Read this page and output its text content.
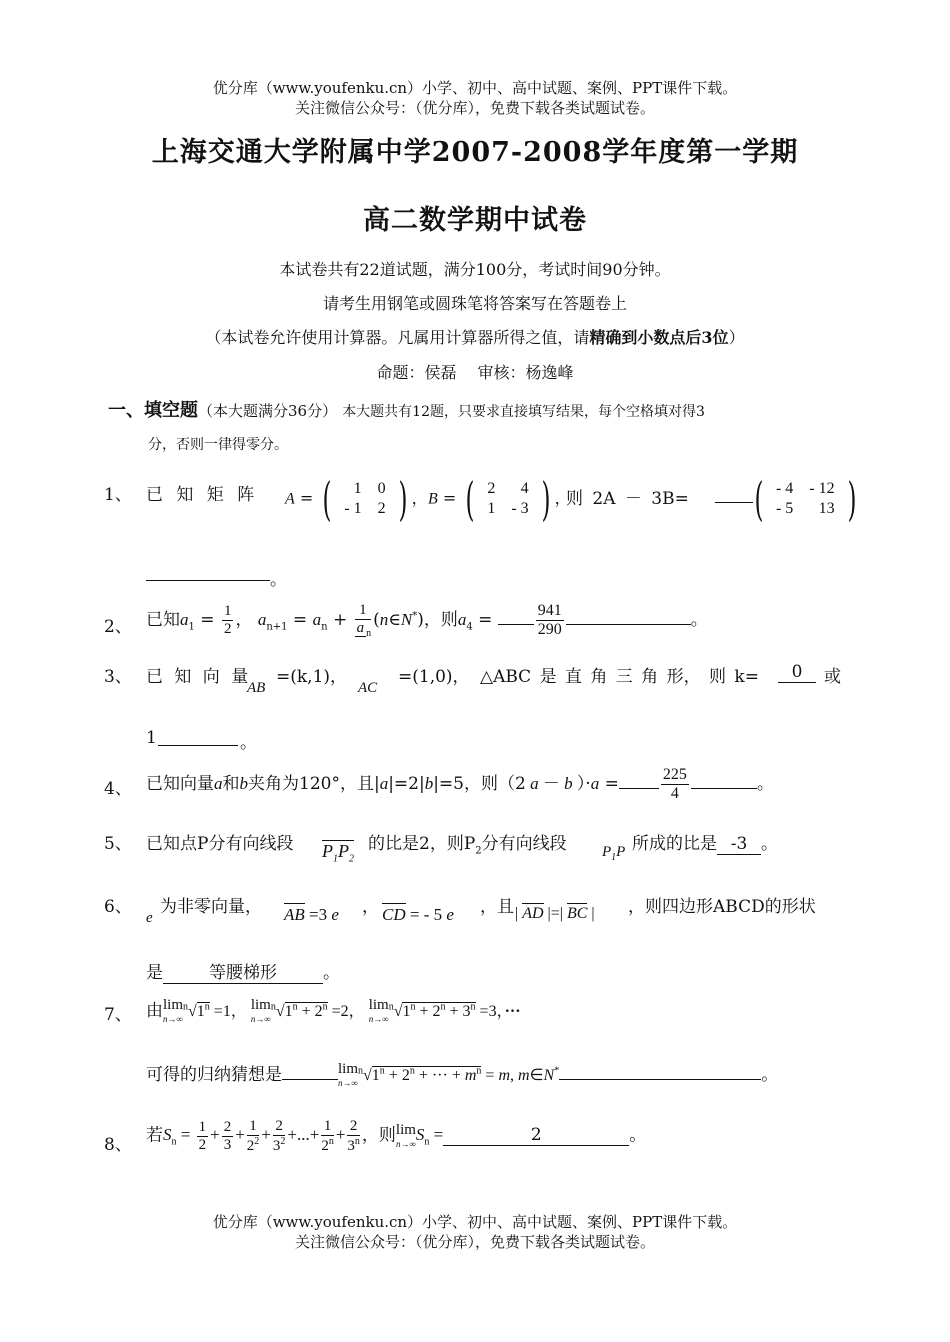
优分库（www.youfenku.cn）小学、初中、高中试题、案例、PPT课件下载。
关注微信公众号：（优分库），免费下载各类试题试卷。
上海交通大学附属中学2007-2008学年度第一学期
高二数学期中试卷
本试卷共有22道试题，满分100分，考试时间90分钟。
请考生用钢笔或圆珠笔将答案写在答题卷上
（本试卷允许使用计算器。凡属用计算器所得之值，请精确到小数点后3位）
命题：侯磊　 审核：杨逸峰
一、填空题（本大题满分36分） 本大题共有12题，只要求直接填写结果，每个空格填对得3
分，否则一律得零分。
1、 已 知 矩 阵 A = ( 1	0
- 1	2 ) ， B = ( 2	4
1	- 3 ) ，
则 2A － 3B= ( - 4	- 12
- 5	13 )
。
2、 已知$a_1 = \frac{1}{2}$ ， $a_{n+1} = a_n + \frac{1}{a _n}$ (n∈N*)，则$a_4 = \frac{941}{290}$	。
3、 已 知 向 量
AB
=(k,1)，
AC
=(1,0)， △ABC 是 直 角 三 角 形， 则 k=	0	或
1	。
4、 已知向量a和b夹角为120°，且|a|=2|b|=5，则（2 a － b ）·a =	$\frac{225}{4}$	。
5、 已知点P分有向线段 $P_1P_2$
的比是2，则$P_2$分有向线段 $P_1P$ 所成的比是 -3 。
6、
e
为非零向量， AB =3 e ， CD = - 5 e ，且 | AD |=| BC | ，则四边形ABCD的形状
是	等腰梯形	。
7、 由 lim
n→∞
$^n√1^n =1$， lim
n→∞
$^n√1^n + 2^n =2$， lim
n→∞
$^n√1^n + 2^n + 3^n =3$，···
可得的归纳猜想是	lim
n→∞
$^n√1^n + 2^n$ + ··· + $m^n = m$, m∈N*	。
8、 若$S_n = \frac{1}{2} + \frac{2}{3} + \frac{1}{2^2} + \frac{2}{3^2}$ +...+ $\frac{1}{2^n} + \frac{2}{3^n}$ ，则 lim
n→∞ $S_n$ =	2	。
优分库（www.youfenku.cn）小学、初中、高中试题、案例、PPT课件下载。
关注微信公众号：（优分库），免费下载各类试题试卷。
